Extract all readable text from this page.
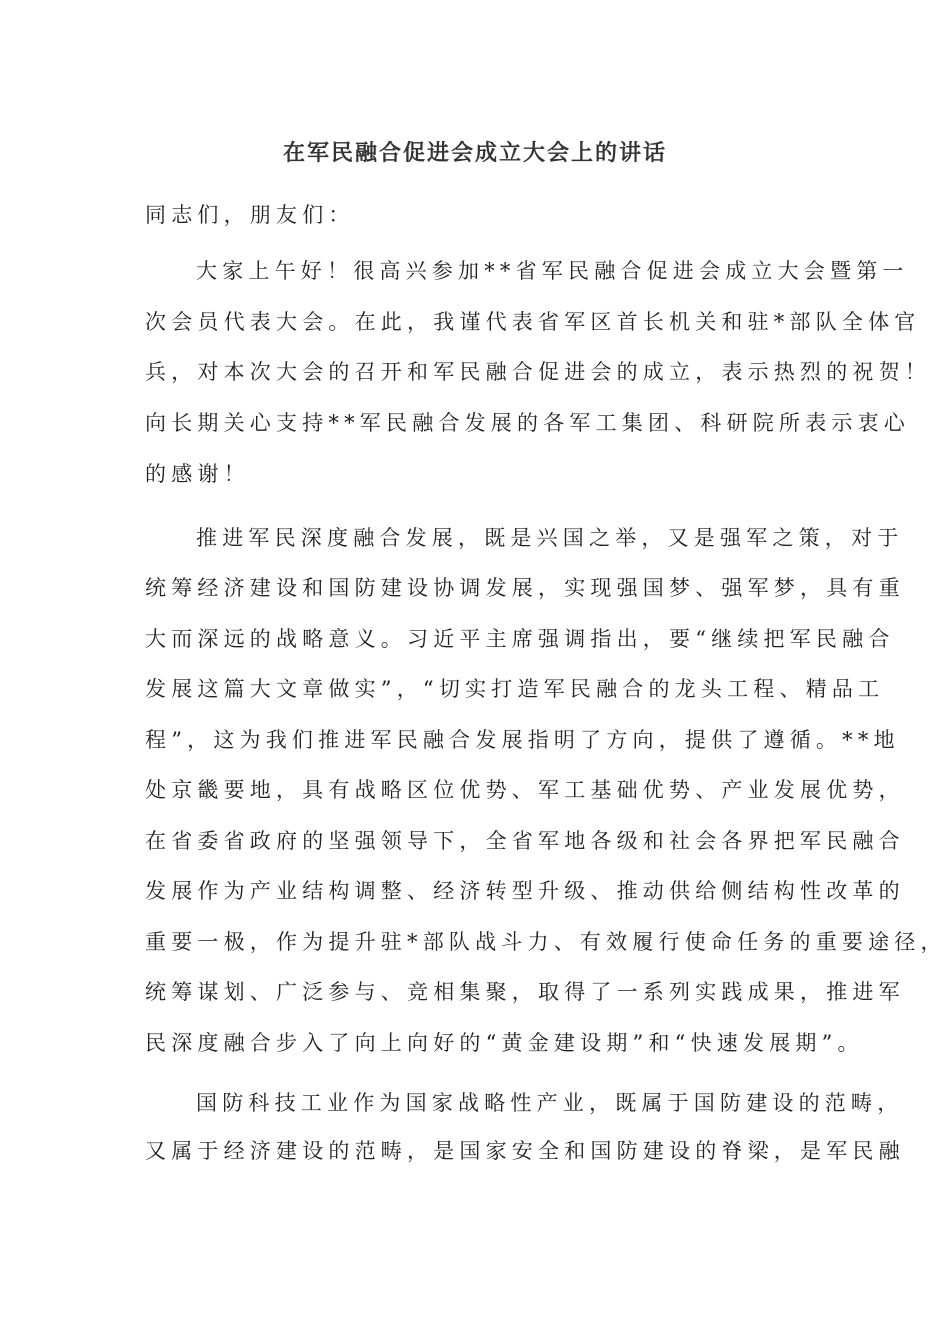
在军民融合促进会成立大会上的讲话
同志们，朋友们：
大家上午好！很高兴参加**省军民融合促进会成立大会暨第一
次会员代表大会。在此，我谨代表省军区首长机关和驻*部队全体官
兵，对本次大会的召开和军民融合促进会的成立，表示热烈的祝贺！
向长期关心支持**军民融合发展的各军工集团、科研院所表示衷心
的感谢！
推进军民深度融合发展，既是兴国之举，又是强军之策，对于
统筹经济建设和国防建设协调发展，实现强国梦、强军梦，具有重
大而深远的战略意义。习近平主席强调指出，要“继续把军民融合
发展这篇大文章做实”，“切实打造军民融合的龙头工程、精品工
程”，这为我们推进军民融合发展指明了方向，提供了遵循。**地
处京畿要地，具有战略区位优势、军工基础优势、产业发展优势，
在省委省政府的坚强领导下，全省军地各级和社会各界把军民融合
发展作为产业结构调整、经济转型升级、推动供给侧结构性改革的
重要一极，作为提升驻*部队战斗力、有效履行使命任务的重要途径，
统筹谋划、广泛参与、竞相集聚，取得了一系列实践成果，推进军
民深度融合步入了向上向好的“黄金建设期”和“快速发展期”。
国防科技工业作为国家战略性产业，既属于国防建设的范畴，
又属于经济建设的范畴，是国家安全和国防建设的脊梁，是军民融
